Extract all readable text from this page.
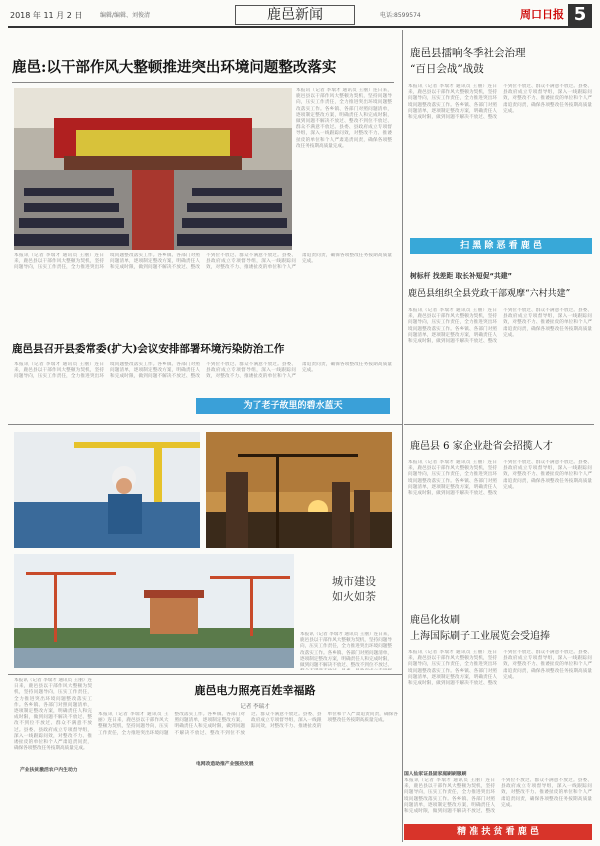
2018 年 11 月 2 日	编辑/编辑、刘俊清	鹿邑新闻	电话:8599574	周口日报 5
鹿邑:以干部作风大整顿推进突出环境问题整改落实
本报讯（记者 李瑞才 通讯员 王丽）连日来，鹿邑县以干部作风大整顿为契机，坚持问题导向，压实工作责任，全力推进突出环境问题整改落实工作。各乡镇、各部门对照问题清单，逐项制定整改方案，明确责任人和完成时限，做到问题不解决不放过、整改不到位不放过、群众不满意不放过。县委、县政府成立专项督导组，深入一线跟踪问效，对整改不力、推诿扯皮的单位和个人严肃追责问责，确保各项整改任务按期高质量完成。
本报讯（记者 李瑞才 通讯员 王丽）连日来，鹿邑县以干部作风大整顿为契机，坚持问题导向，压实工作责任，全力推进突出环境问题整改落实工作。各乡镇、各部门对照问题清单，逐项制定整改方案，明确责任人和完成时限，做到问题不解决不放过、整改不到位不放过、群众不满意不放过。县委、县政府成立专项督导组，深入一线跟踪问效，对整改不力、推诿扯皮的单位和个人严肃追责问责，确保各项整改任务按期高质量完成。
鹿邑县召开县委常委(扩大)会议安排部署环境污染防治工作
本报讯（记者 李瑞才 通讯员 王丽）连日来，鹿邑县以干部作风大整顿为契机，坚持问题导向，压实工作责任，全力推进突出环境问题整改落实工作。各乡镇、各部门对照问题清单，逐项制定整改方案，明确责任人和完成时限，做到问题不解决不放过、整改不到位不放过、群众不满意不放过。县委、县政府成立专项督导组，深入一线跟踪问效，对整改不力、推诿扯皮的单位和个人严肃追责问责，确保各项整改任务按期高质量完成。
为了老子故里的碧水蓝天
城市建设
如火如荼
本报讯（记者 李瑞才 通讯员 王丽）连日来，鹿邑县以干部作风大整顿为契机，坚持问题导向，压实工作责任，全力推进突出环境问题整改落实工作。各乡镇、各部门对照问题清单，逐项制定整改方案，明确责任人和完成时限，做到问题不解决不放过、整改不到位不放过、
本报讯（记者 李瑞才 通讯员 王丽）连日来，鹿邑县以干部作风大整顿为契机，坚持问题导向，压实工作责任，全力推进突出环境问题整改落实工作。各乡镇、各部门对照问题清单，逐项制定整改方案，明确责任人和完成时限，做到问题不解决不放过、整改不到位不放过、群众不满意不放过。县委、县政府成立专项督导组，深入一线跟踪问效，对整改不力、推诿扯皮的单位和个人严肃追责问责，确保各项整改任务按期高质量完成。
鹿邑电力照亮百姓幸福路
记者 李瑞才
本报讯（记者 李瑞才 通讯员 王丽）连日来，鹿邑县以干部作风大整顿为契机，坚持问题导向，压实工作责任，全力推进突出环境问题整改落实工作。各乡镇、各部门对照问题清单，逐项制定整改方案，明确责任人和完成时限，做到问题不解决不放过、整改不到位不放过、群众不满意不放过。县委、县政府成立专项督导组，深入一线跟踪问效，对整改不力、推诿扯皮的单位和个人严肃追责问责，确保各项整改任务按期高质量完成。
产业扶贫激活农户内生动力
电网改造助推产业强劲发展
鹿邑县擂响冬季社会治理
“百日会战”战鼓
本报讯（记者 李瑞才 通讯员 王丽）连日来，鹿邑县以干部作风大整顿为契机，坚持问题导向，压实工作责任，全力推进突出环境问题整改落实工作。各乡镇、各部门对照问题清单，逐项制定整改方案，明确责任人和完成时限，做到问题不解决不放过、整改不到位不放过、群众不满意不放过。县委、县政府成立专项督导组，深入一线跟踪问效，对整改不力、推诿扯皮的单位和个人严肃追责问责，确保各项整改任务按期高质量完成。
扫 黑 除 恶 看 鹿 邑
树标杆 找差距 取长补短促“共建”
鹿邑县组织全县党政干部观摩“六村共建”
本报讯（记者 李瑞才 通讯员 王丽）连日来，鹿邑县以干部作风大整顿为契机，坚持问题导向，压实工作责任，全力推进突出环境问题整改落实工作。各乡镇、各部门对照问题清单，逐项制定整改方案，明确责任人和完成时限，做到问题不解决不放过、整改不到位不放过、群众不满意不放过。县委、县政府成立专项督导组，深入一线跟踪问效，对整改不力、推诿扯皮的单位和个人严肃追责问责，确保各项整改任务按期高质量完成。
鹿邑县 6 家企业赴省会招揽人才
本报讯（记者 李瑞才 通讯员 王丽）连日来，鹿邑县以干部作风大整顿为契机，坚持问题导向，压实工作责任，全力推进突出环境问题整改落实工作。各乡镇、各部门对照问题清单，逐项制定整改方案，明确责任人和完成时限，做到问题不解决不放过、整改不到位不放过、群众不满意不放过。县委、县政府成立专项督导组，深入一线跟踪问效，对整改不力、推诿扯皮的单位和个人严肃追责问责，确保各项整改任务按期高质量完成。
鹿邑化妆刷
上海国际刷子工业展览会受追捧
本报讯（记者 李瑞才 通讯员 王丽）连日来，鹿邑县以干部作风大整顿为契机，坚持问题导向，压实工作责任，全力推进突出环境问题整改落实工作。各乡镇、各部门对照问题清单，逐项制定整改方案，明确责任人和完成时限，做到问题不解决不放过、整改不到位不放过、群众不满意不放过。县委、县政府成立专项督导组，深入一线跟踪问效，对整改不力、推诿扯皮的单位和个人严肃追责问责，确保各项整改任务按期高质量完成。
国人仙家证县固家庭刷刷服刷
本报讯（记者 李瑞才 通讯员 王丽）连日来，鹿邑县以干部作风大整顿为契机，坚持问题导向，压实工作责任，全力推进突出环境问题整改落实工作。各乡镇、各部门对照问题清单，逐项制定整改方案，明确责任人和完成时限，做到问题不解决不放过、整改不到位不放过、群众不满意不放过。县委、县政府成立专项督导组，深入一线跟踪问效，对整改不力、推诿扯皮的单位和个人严肃追责问责，确保各项整改任务按期高质量完成。
精 准 扶 贫 看 鹿 邑
